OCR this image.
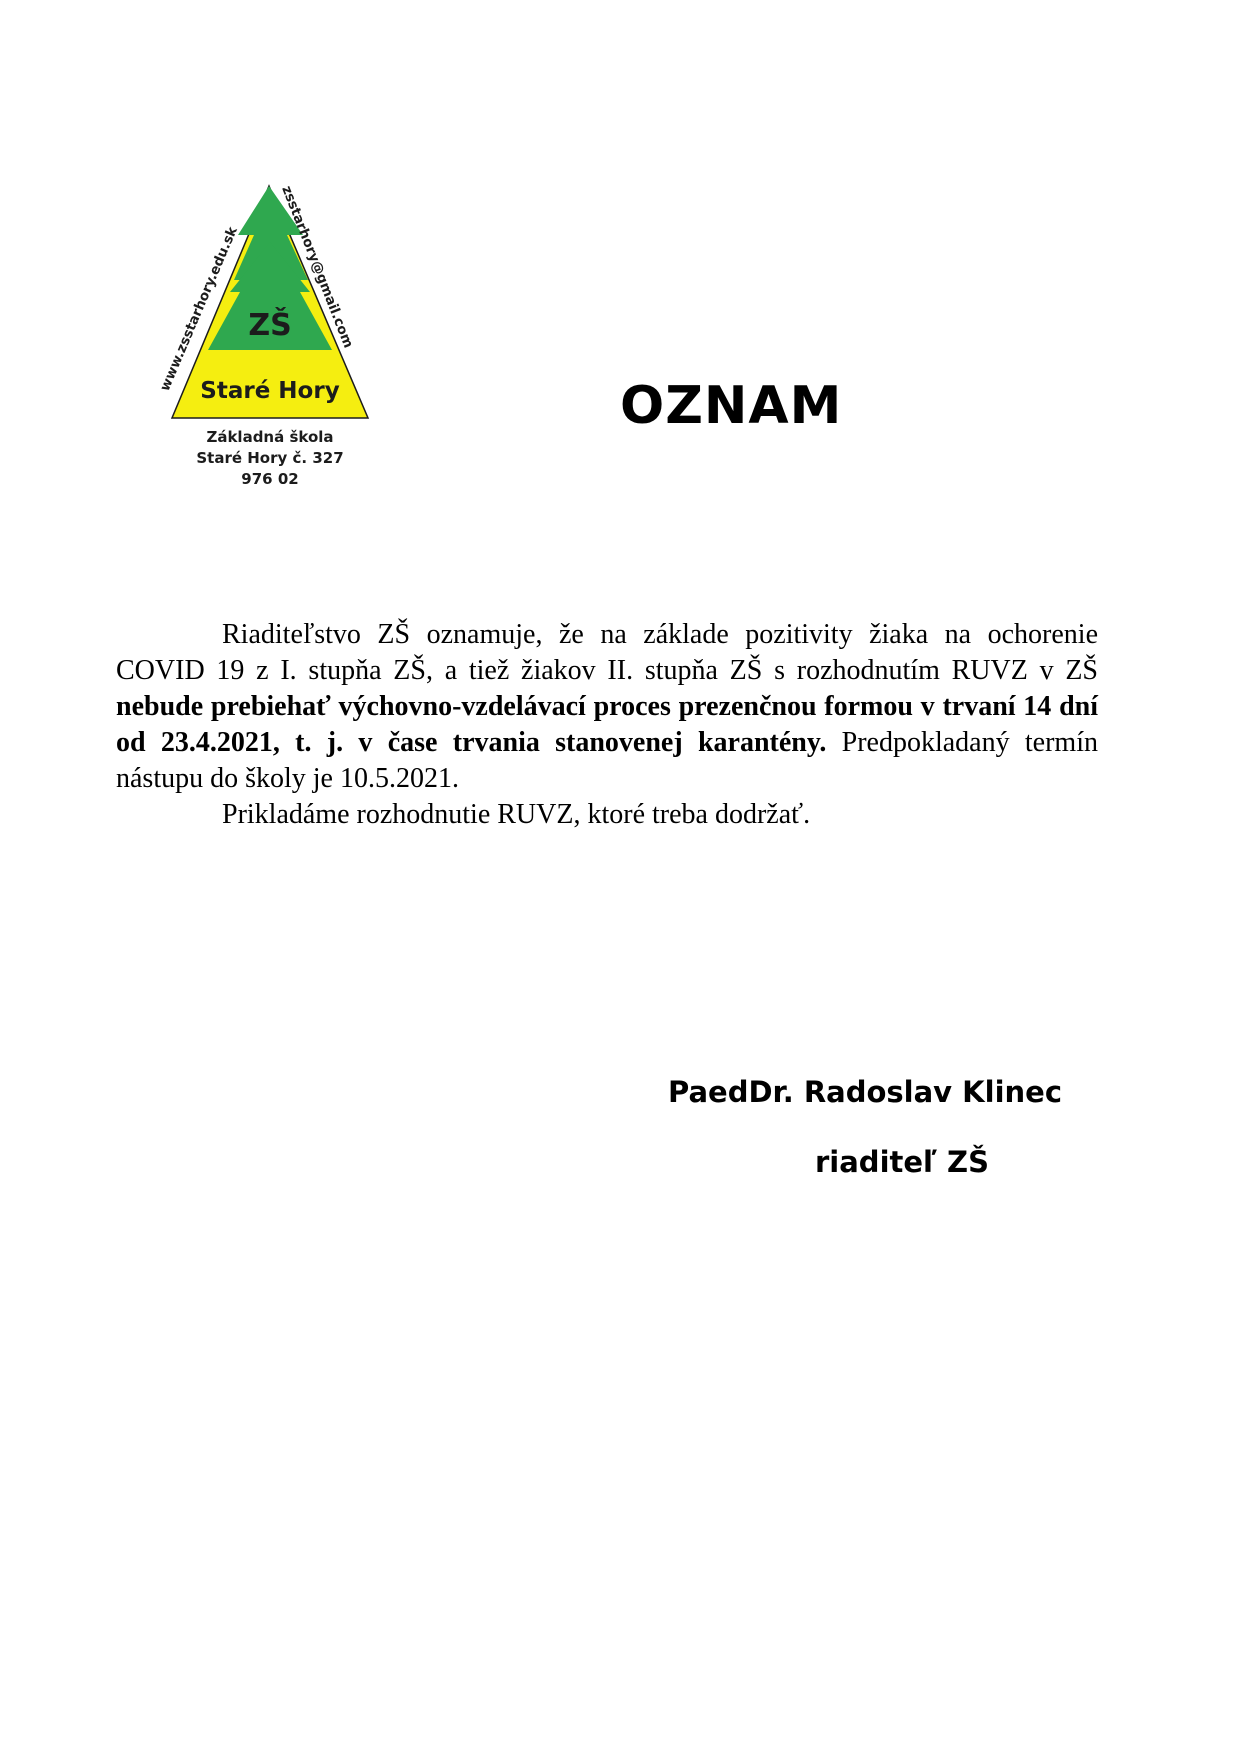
ZŠ
Staré Hory
www.zsstarhory.edu.sk
zsstarhory@gmail.com
Základná škola
Staré Hory č. 327
976 02
OZNAM

Riaditeľstvo ZŠ oznamuje, že na základe pozitivity žiaka na ochorenie COVID 19 z I. stupňa ZŠ, a tiež žiakov II. stupňa ZŠ s rozhodnutím RUVZ v ZŠ nebude prebiehať výchovno-vzdelávací proces prezenčnou formou v trvaní 14 dní od 23.4.2021, t. j. v čase trvania stanovenej karantény. Predpokladaný termín nástupu do školy je 10.5.2021.

Prikladáme rozhodnutie RUVZ, ktoré treba dodržať.

PaedDr. Radoslav Klinec
riaditeľ ZŠ
